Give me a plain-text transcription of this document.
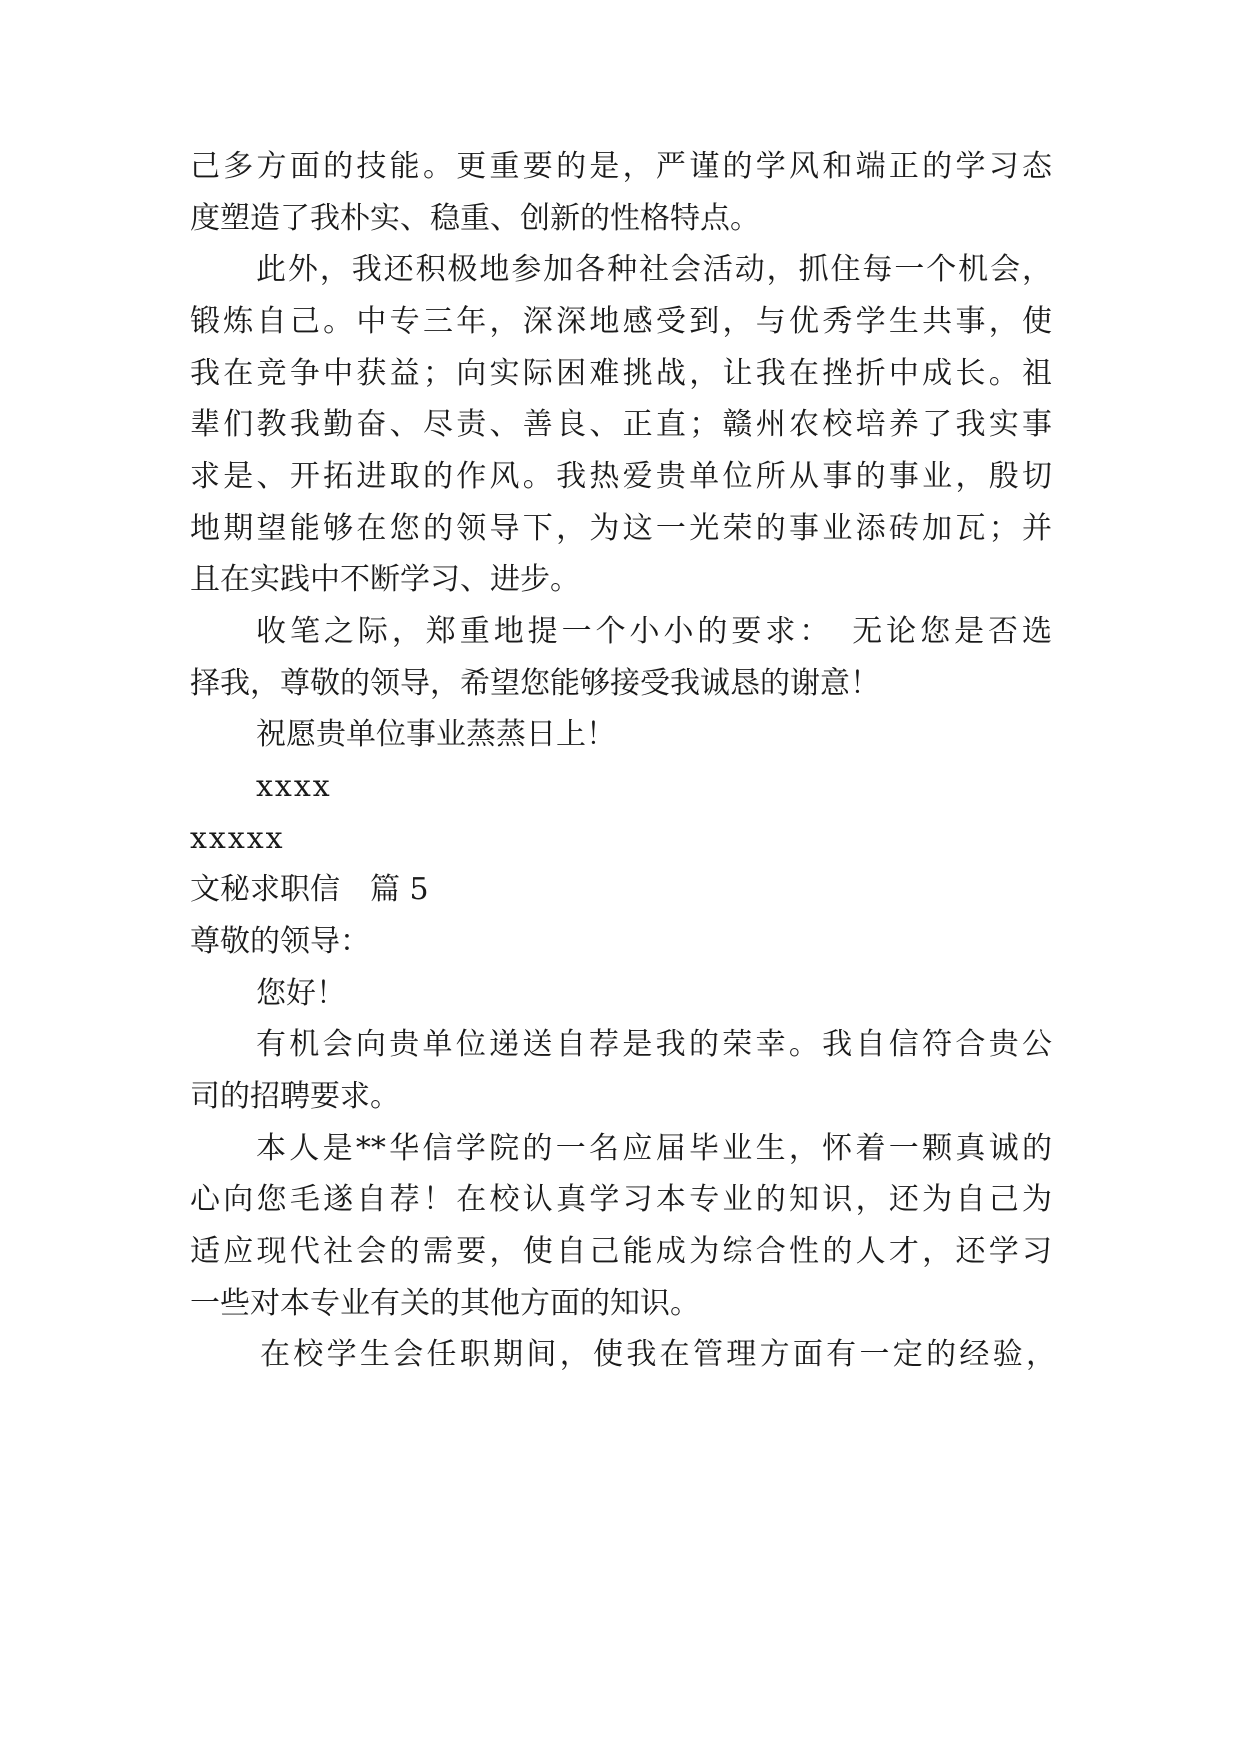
己多方面的技能。更重要的是，严谨的学风和端正的学习态
度塑造了我朴实、稳重、创新的性格特点。
此外，我还积极地参加各种社会活动，抓住每一个机会，
锻炼自己。中专三年，深深地感受到，与优秀学生共事，使
我在竞争中获益；向实际困难挑战，让我在挫折中成长。祖
辈们教我勤奋、尽责、善良、正直；赣州农校培养了我实事
求是、开拓进取的作风。我热爱贵单位所从事的事业，殷切
地期望能够在您的领导下，为这一光荣的事业添砖加瓦；并
且在实践中不断学习、进步。
收笔之际，郑重地提一个小小的要求：　无论您是否选
择我，尊敬的领导，希望您能够接受我诚恳的谢意！
祝愿贵单位事业蒸蒸日上！
xxxx
xxxxx
文秘求职信　篇 5
尊敬的领导：
您好！
有机会向贵单位递送自荐是我的荣幸。我自信符合贵公
司的招聘要求。
本人是**华信学院的一名应届毕业生，怀着一颗真诚的
心向您毛遂自荐！在校认真学习本专业的知识，还为自己为
适应现代社会的需要，使自己能成为综合性的人才，还学习
一些对本专业有关的其他方面的知识。
在校学生会任职期间，使我在管理方面有一定的经验，
